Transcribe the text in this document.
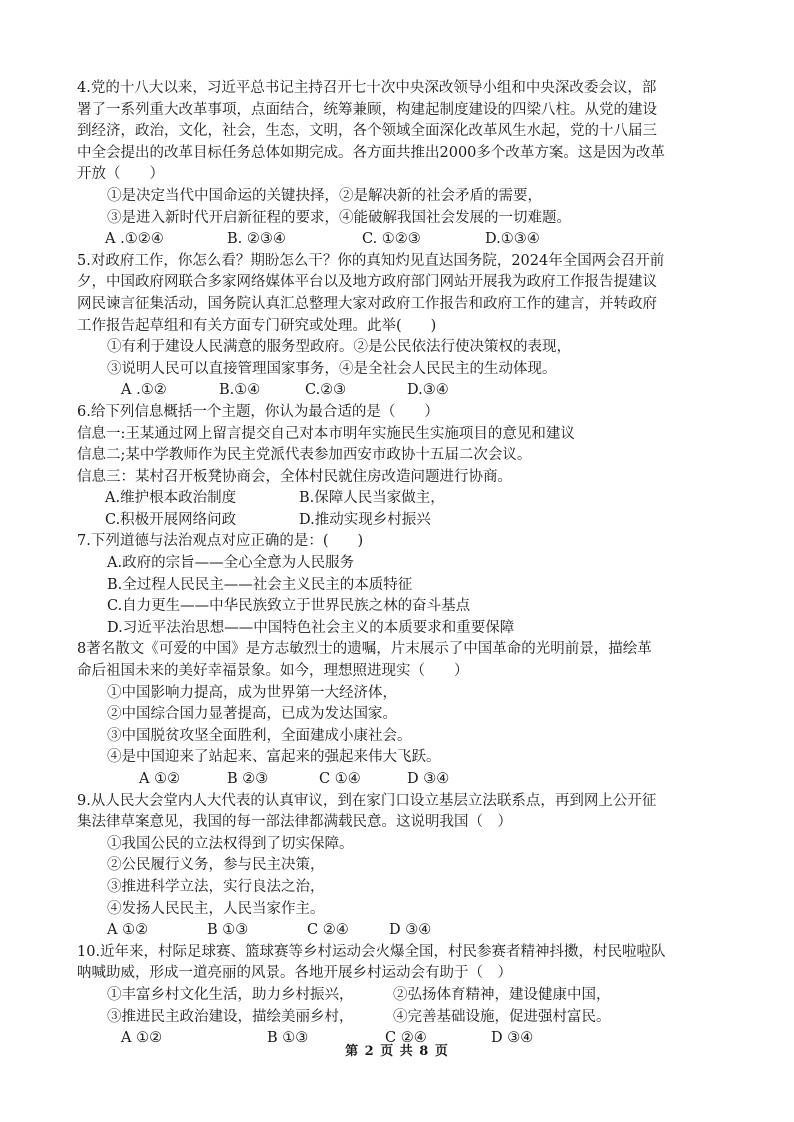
4.党的十八大以来，习近平总书记主持召开七十次中央深改领导小组和中央深改委会议，部
署了一系列重大改革事项，点面结合，统筹兼顾，构建起制度建设的四梁八柱。从党的建设
到经济，政治，文化，社会，生态，文明，各个领域全面深化改革风生水起，党的十八届三
中全会提出的改革目标任务总体如期完成。各方面共推出2000多个改革方案。这是因为改革
开放（　　）
①是决定当代中国命运的关键抉择，②是解决新的社会矛盾的需要，
③是进入新时代开启新征程的要求，④能破解我国社会发展的一切难题。
A .①②④	B. ②③④	C. ①②③	D.①③④
5.对政府工作，你怎么看？期盼怎么干？你的真知灼见直达国务院，2024年全国两会召开前
夕，中国政府网联合多家网络媒体平台以及地方政府部门网站开展我为政府工作报告提建议
网民谏言征集活动，国务院认真汇总整理大家对政府工作报告和政府工作的建言，并转政府
工作报告起草组和有关方面专门研究或处理。此举(　　)
①有利于建设人民满意的服务型政府。②是公民依法行使决策权的表现，
③说明人民可以直接管理国家事务，④是全社会人民民主的生动体现。
A .①②	B.①④	C.②③	D.③④
6.给下列信息概括一个主题，你认为最合适的是（　　）
信息一:王某通过网上留言提交自己对本市明年实施民生实施项目的意见和建议
信息二;某中学教师作为民主党派代表参加西安市政协十五届二次会议。
信息三：某村召开板凳协商会，全体村民就住房改造问题进行协商。
A.维护根本政治制度	B.保障人民当家做主，
C.积极开展网络问政	D.推动实现乡村振兴
7.下列道德与法治观点对应正确的是：(　　)
A.政府的宗旨——全心全意为人民服务
B.全过程人民民主——社会主义民主的本质特征
C.自力更生——中华民族致立于世界民族之林的奋斗基点
D.习近平法治思想——中国特色社会主义的本质要求和重要保障
8著名散文《可爱的中国》是方志敏烈士的遗嘱，片末展示了中国革命的光明前景，描绘革
命后祖国未来的美好幸福景象。如今，理想照进现实（　　）
①中国影响力提高，成为世界第一大经济体，
②中国综合国力显著提高，已成为发达国家。
③中国脱贫攻坚全面胜利，全面建成小康社会。
④是中国迎来了站起来、富起来的强起来伟大飞跃。
A ①②	B ②③	C ①④	D ③④
9.从人民大会堂内人大代表的认真审议，到在家门口设立基层立法联系点，再到网上公开征
集法律草案意见，我国的每一部法律都满载民意。这说明我国（　）
①我国公民的立法权得到了切实保障。
②公民履行义务，参与民主决策，
③推进科学立法，实行良法之治，
④发扬人民民主，人民当家作主。
A ①②	B ①③	C ②④	D ③④
10.近年来，村际足球赛、篮球赛等乡村运动会火爆全国，村民参赛者精神抖擞，村民啦啦队
呐喊助威，形成一道亮丽的风景。各地开展乡村运动会有助于（　）
①丰富乡村文化生活，助力乡村振兴，	②弘扬体育精神，建设健康中国，
③推进民主政治建设，描绘美丽乡村，	④完善基础设施，促进强村富民。
A ①②	B ①③	C ②④	D ③④
第 2 页 共 8 页
